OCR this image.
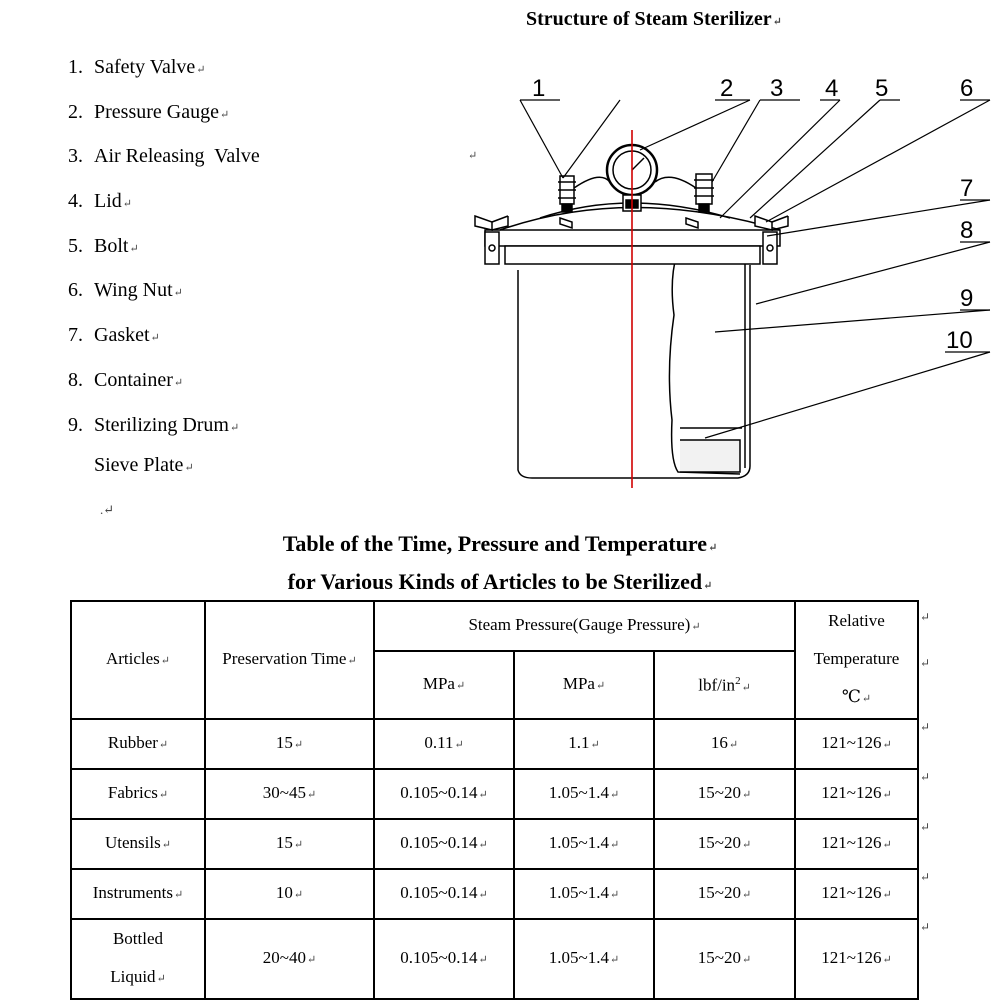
Structure of Steam Sterilizer↵
1. Safety Valve↵
2. Pressure Gauge↵
3. Air Releasing  Valve	↵
4. Lid↵
5. Bolt↵
6. Wing Nut↵
7. Gasket↵
8. Container↵
9. Sterilizing Drum↵
Sieve Plate↵
.↵
1	2 3 4 5	6
7
8
9
10
Table of the Time, Pressure and Temperature↵
for Various Kinds of Articles to be Sterilized↵
Articles↵	Preservation Time↵	Steam Pressure(Gauge Pressure)↵			Relative
Temperature
℃↵

		MPa↵	MPa↵	lbf/$in^2↵$	
Rubber↵	15↵	0.11↵	1.1↵	16↵	121~126↵
Fabrics↵	30~45↵	0.105~0.14↵	1.05~1.4↵	15~20↵	121~126↵
Utensils↵	15↵	0.105~0.14↵	1.05~1.4↵	15~20↵	121~126↵
Instruments↵	10↵	0.105~0.14↵	1.05~1.4↵	15~20↵	121~126↵

Bottled
Liquid↵	20~40↵	0.105~0.14↵	1.05~1.4↵	15~20↵	121~126↵
↵
↵
↵
↵
↵
↵
↵
